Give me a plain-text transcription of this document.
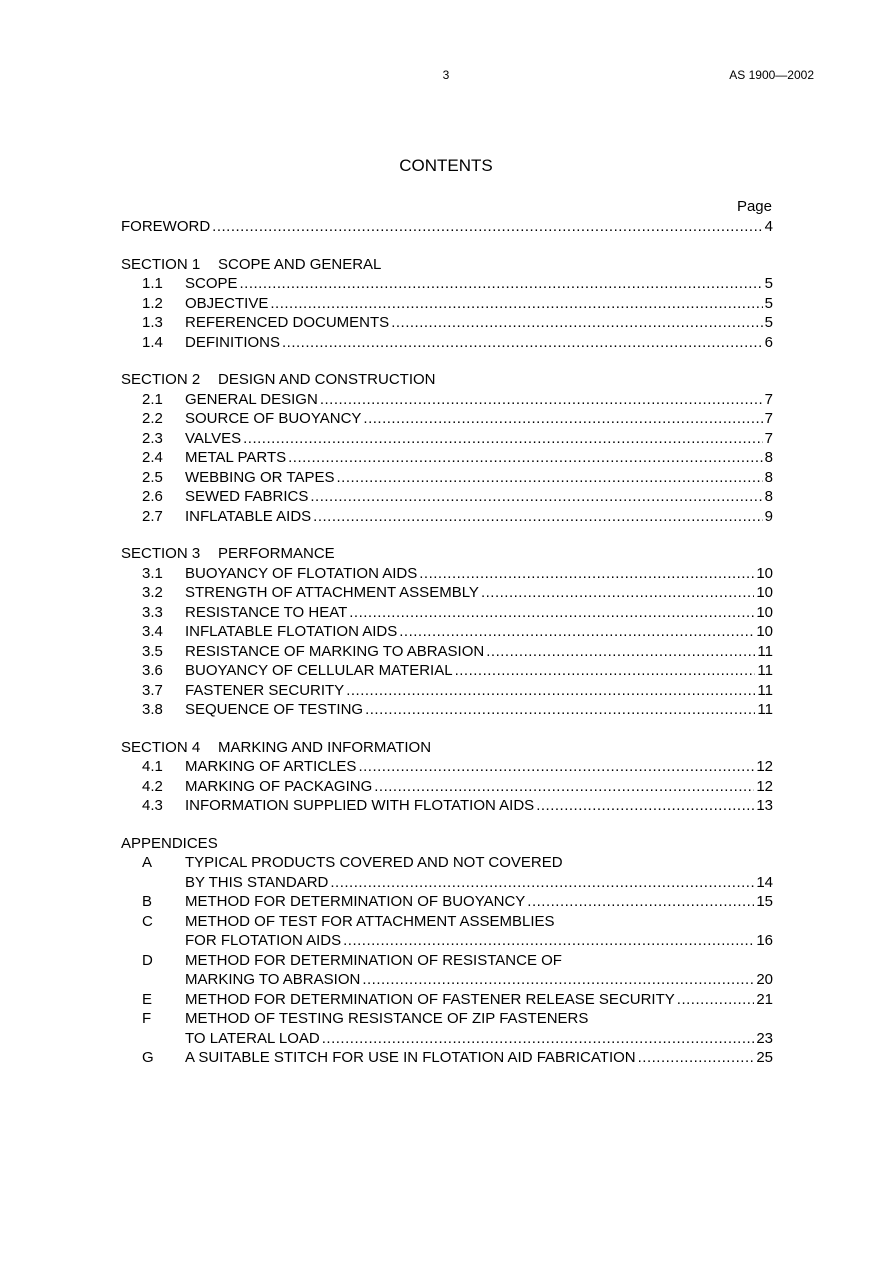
3	AS 1900—2002
CONTENTS
Page
FOREWORD .....	4
SECTION 1 SCOPE AND GENERAL
1.1	SCOPE .....	5
1.2	OBJECTIVE .....	5
1.3	REFERENCED DOCUMENTS .....	5
1.4	DEFINITIONS .....	6
SECTION 2 DESIGN AND CONSTRUCTION
2.1	GENERAL DESIGN .....	7
2.2	SOURCE OF BUOYANCY .....	7
2.3	VALVES .....	7
2.4	METAL PARTS .....	8
2.5	WEBBING OR TAPES .....	8
2.6	SEWED FABRICS .....	8
2.7	INFLATABLE AIDS .....	9
SECTION 3 PERFORMANCE
3.1	BUOYANCY OF FLOTATION AIDS .....	10
3.2	STRENGTH OF ATTACHMENT ASSEMBLY .....	10
3.3	RESISTANCE TO HEAT .....	10
3.4	INFLATABLE FLOTATION AIDS .....	10
3.5	RESISTANCE OF MARKING TO ABRASION .....	11
3.6	BUOYANCY OF CELLULAR MATERIAL .....	11
3.7	FASTENER SECURITY .....	11
3.8	SEQUENCE OF TESTING .....	11
SECTION 4 MARKING AND INFORMATION
4.1	MARKING OF ARTICLES .....	12
4.2	MARKING OF PACKAGING .....	12
4.3	INFORMATION SUPPLIED WITH FLOTATION AIDS .....	13
APPENDICES
A	TYPICAL PRODUCTS COVERED AND NOT COVERED
BY THIS STANDARD .....	14
B	METHOD FOR DETERMINATION OF BUOYANCY .....	15
C	METHOD OF TEST FOR ATTACHMENT ASSEMBLIES
FOR FLOTATION AIDS .....	16
D	METHOD FOR DETERMINATION OF RESISTANCE OF
MARKING TO ABRASION .....	20
E	METHOD FOR DETERMINATION OF FASTENER RELEASE SECURITY .....	21
F	METHOD OF TESTING RESISTANCE OF ZIP FASTENERS
TO LATERAL LOAD .....	23
G	A SUITABLE STITCH FOR USE IN FLOTATION AID FABRICATION .....	25
